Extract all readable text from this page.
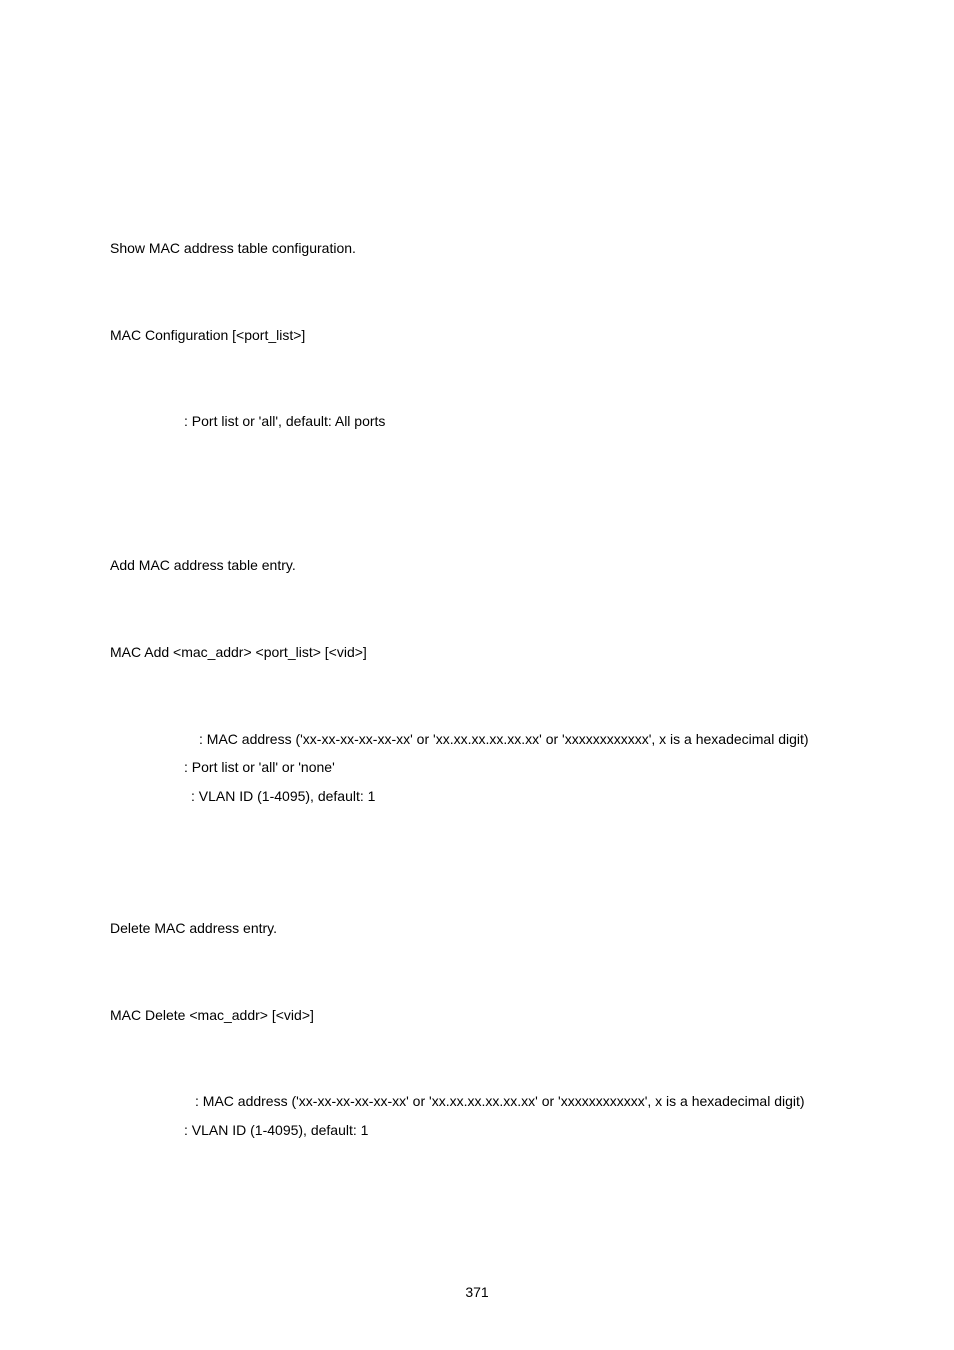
Show MAC address table configuration.
MAC Configuration [<port_list>]
: Port list or 'all', default: All ports
Add MAC address table entry.
MAC Add <mac_addr> <port_list> [<vid>]
: MAC address ('xx-xx-xx-xx-xx-xx' or 'xx.xx.xx.xx.xx.xx' or 'xxxxxxxxxxxx', x is a hexadecimal digit)
: Port list or 'all' or 'none'
: VLAN ID (1-4095), default: 1
Delete MAC address entry.
MAC Delete <mac_addr> [<vid>]
: MAC address ('xx-xx-xx-xx-xx-xx' or 'xx.xx.xx.xx.xx.xx' or 'xxxxxxxxxxxx', x is a hexadecimal digit)
: VLAN ID (1-4095), default: 1
371
